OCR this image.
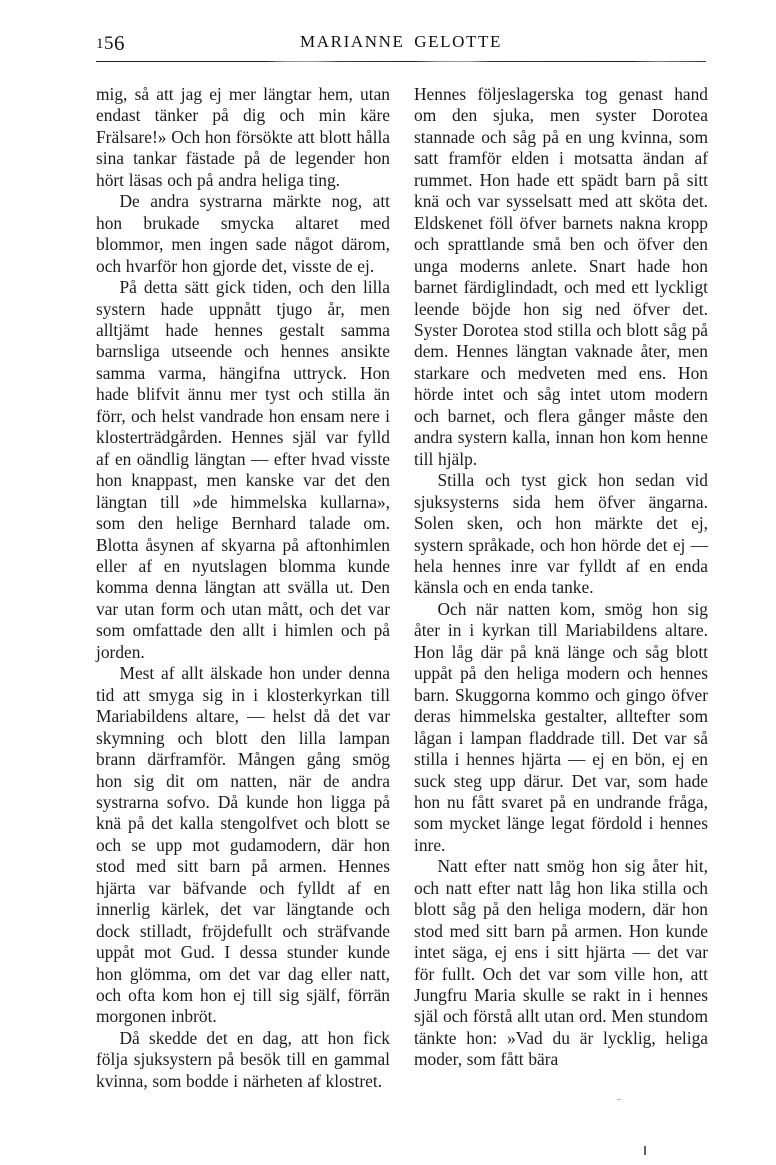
156	MARIANNE GELOTTE

mig, så att jag ej mer längtar hem, utan endast tänker på dig och min käre Frälsare!» Och hon försökte att blott hålla sina tankar fästade på de legender hon hört läsas och på andra heliga ting.

De andra systrarna märkte nog, att hon brukade smycka altaret med blommor, men ingen sade något därom, och hvarför hon gjorde det, visste de ej.

På detta sätt gick tiden, och den lilla systern hade uppnått tjugo år, men alltjämt hade hennes gestalt samma barnsliga utseende och hennes ansikte samma varma, hängifna uttryck. Hon hade blifvit ännu mer tyst och stilla än förr, och helst vandrade hon ensam nere i klosterträdgården. Hennes själ var fylld af en oändlig längtan — efter hvad visste hon knappast, men kanske var det den längtan till »de himmelska kullarna», som den helige Bernhard talade om. Blotta åsynen af skyarna på aftonhimlen eller af en nyutslagen blomma kunde komma denna längtan att svälla ut. Den var utan form och utan mått, och det var som omfattade den allt i himlen och på jorden.

Mest af allt älskade hon under denna tid att smyga sig in i klosterkyrkan till Mariabildens altare, — helst då det var skymning och blott den lilla lampan brann därframför. Mången gång smög hon sig dit om natten, när de andra systrarna sofvo. Då kunde hon ligga på knä på det kalla stengolfvet och blott se och se upp mot gudamodern, där hon stod med sitt barn på armen. Hennes hjärta var bäfvande och fylldt af en innerlig kärlek, det var längtande och dock stilladt, fröjdefullt och sträfvande uppåt mot Gud. I dessa stunder kunde hon glömma, om det var dag eller natt, och ofta kom hon ej till sig själf, förrän morgonen inbröt.

Då skedde det en dag, att hon fick följa sjuksystern på besök till en gammal kvinna, som bodde i närheten af klostret.

Hennes följeslagerska tog genast hand om den sjuka, men syster Dorotea stannade och såg på en ung kvinna, som satt framför elden i motsatta ändan af rummet. Hon hade ett spädt barn på sitt knä och var sysselsatt med att sköta det. Eldskenet föll öfver barnets nakna kropp och sprattlande små ben och öfver den unga moderns anlete. Snart hade hon barnet färdiglindadt, och med ett lyckligt leende böjde hon sig ned öfver det. Syster Dorotea stod stilla och blott såg på dem. Hennes längtan vaknade åter, men starkare och medveten med ens. Hon hörde intet och såg intet utom modern och barnet, och flera gånger måste den andra systern kalla, innan hon kom henne till hjälp.

Stilla och tyst gick hon sedan vid sjuksysterns sida hem öfver ängarna. Solen sken, och hon märkte det ej, systern språkade, och hon hörde det ej — hela hennes inre var fylldt af en enda känsla och en enda tanke.

Och när natten kom, smög hon sig åter in i kyrkan till Mariabildens altare. Hon låg där på knä länge och såg blott uppåt på den heliga modern och hennes barn. Skuggorna kommo och gingo öfver deras himmelska gestalter, alltefter som lågan i lampan fladdrade till. Det var så stilla i hennes hjärta — ej en bön, ej en suck steg upp därur. Det var, som hade hon nu fått svaret på en undrande fråga, som mycket länge legat fördold i hennes inre.

Natt efter natt smög hon sig åter hit, och natt efter natt låg hon lika stilla och blott såg på den heliga modern, där hon stod med sitt barn på armen. Hon kunde intet säga, ej ens i sitt hjärta — det var för fullt. Och det var som ville hon, att Jungfru Maria skulle se rakt in i hennes själ och förstå allt utan ord. Men stundom tänkte hon: »Vad du är lycklig, heliga moder, som fått bära
